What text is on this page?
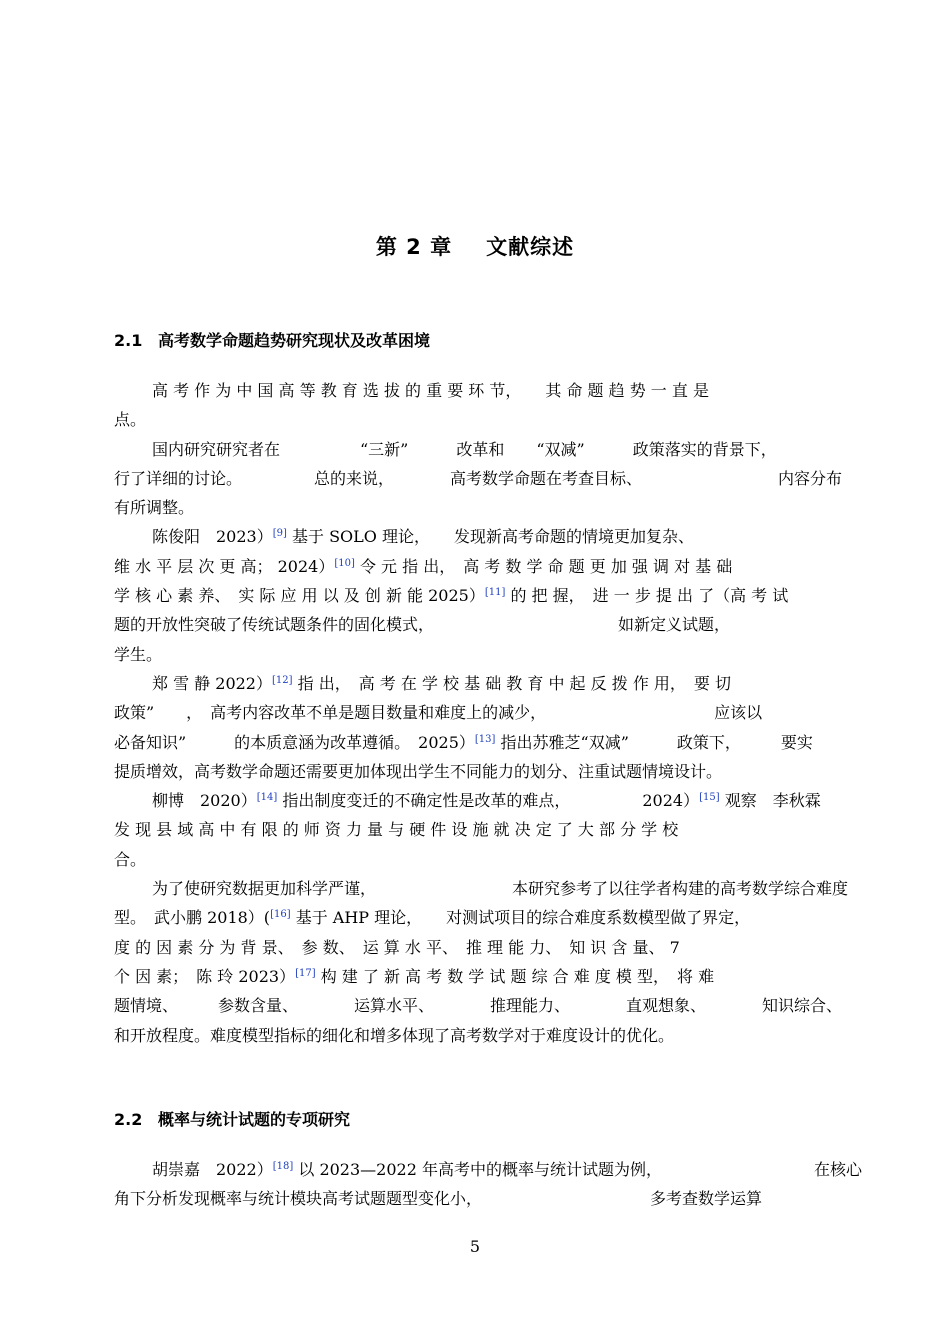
第 2 章 文献综述
2.1 高考数学命题趋势研究现状及改革困境
高 考 作 为 中 国 高 等 教 育 选 拔 的 重 要 环 节，　　其 命 题 趋 势 一 直 是
点。
国内研究研究者在　　　　　“三新”　　　改革和　　“双减”　　　政策落实的背景下，
行了详细的讨论。　　　　　总的来说，　　　　高考数学命题在考查目标、　　　　　　　　　内容分布
有所调整。
陈俊阳　2023）[9] 基于 SOLO 理论，　　发现新高考命题的情境更加复杂、
维 水 平 层 次 更 高； 2024）[10] 令 元 指 出，　高 考 数 学 命 题 更 加 强 调 对 基 础
学 核 心 素 养、　实 际 应 用 以 及 创 新 能 2025）[11] 的 把 握，　进 一 步 提 出 了（高 考 试
题的开放性突破了传统试题条件的固化模式，　　　　　　　　　　　　如新定义试题，
学生。
郑 雪 静 2022）[12] 指 出，　高 考 在 学 校 基 础 教 育 中 起 反 拨 作 用，　要 切
政策”　　，　高考内容改革不单是题目数量和难度上的减少，　　　　　　　　　　　应该以
必备知识”　　　的本质意涵为改革遵循。　2025）[13] 指出苏雅芝“双减”　　　政策下，　　　要实
提质增效，高考数学命题还需要更加体现出学生不同能力的划分、注重试题情境设计。
柳博　2020）[14] 指出制度变迁的不确定性是改革的难点，　　　　　2024）[15] 观察　李秋霖
发 现 县 域 高 中 有 限 的 师 资 力 量 与 硬 件 设 施 就 决 定 了 大 部 分 学 校
合。
为了使研究数据更加科学严谨，　　　　　　　　　本研究参考了以往学者构建的高考数学综合难度
型。　武小鹏 2018）([16] 基于 AHP 理论，　　对测试项目的综合难度系数模型做了界定，
度 的 因 素 分 为 背 景、　参 数、　运 算 水 平、　推 理 能 力、　知 识 含 量、 7
个 因 素；　陈 玲 2023）[17] 构 建 了 新 高 考 数 学 试 题 综 合 难 度 模 型，　将 难
题情境、　　　参数含量、　　　　运算水平、　　　　推理能力、　　　　直观想象、　　　　知识综合、
和开放程度。难度模型指标的细化和增多体现了高考数学对于难度设计的优化。
2.2 概率与统计试题的专项研究
胡崇嘉　2022）[18] 以 2023—2022 年高考中的概率与统计试题为例，　　　　　　　　　　在核心
角下分析发现概率与统计模块高考试题题型变化小，　　　　　　　　　　　多考查数学运算
5
